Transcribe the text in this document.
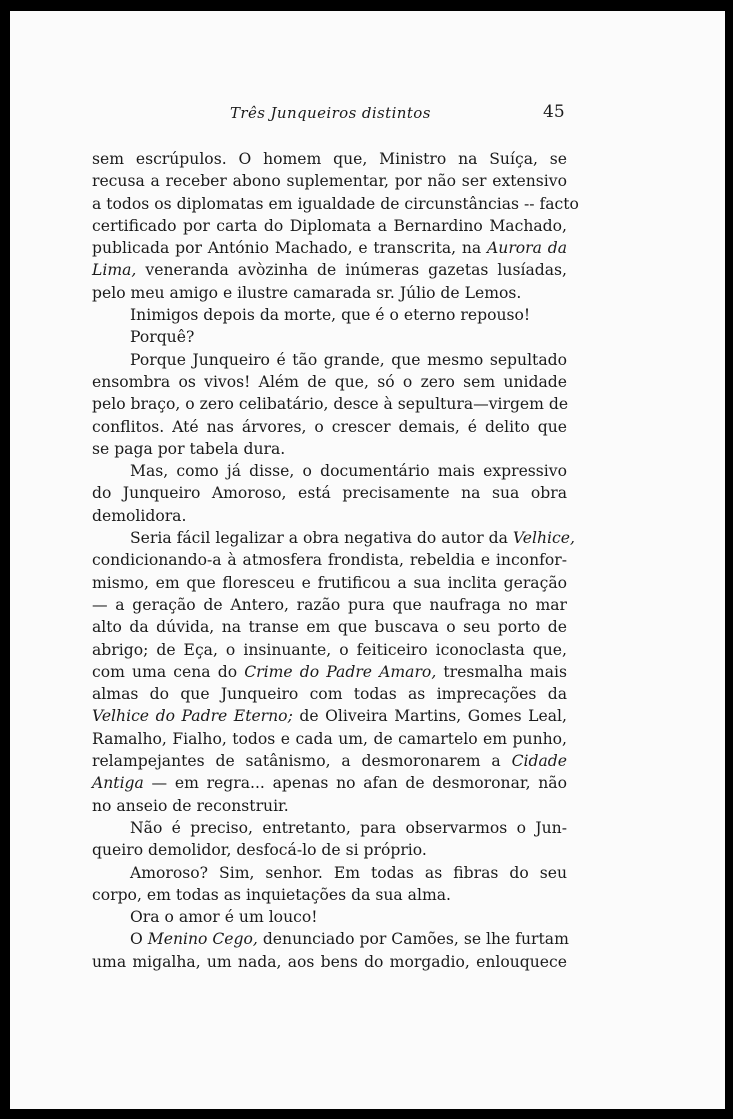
Três Junqueiros distintos	45
sem escrúpulos. O homem que, Ministro na Suíça, se
recusa a receber abono suplementar, por não ser extensivo
a todos os diplomatas em igualdade de circunstâncias -- facto
certificado por carta do Diplomata a Bernardino Machado,
publicada por António Machado, e transcrita, na Aurora da
Lima, veneranda avòzinha de inúmeras gazetas lusíadas,
pelo meu amigo e ilustre camarada sr. Júlio de Lemos.
Inimigos depois da morte, que é o eterno repouso!
Porquê?
Porque Junqueiro é tão grande, que mesmo sepultado
ensombra os vivos! Além de que, só o zero sem unidade
pelo braço, o zero celibatário, desce à sepultura—virgem de
conflitos. Até nas árvores, o crescer demais, é delito que
se paga por tabela dura.
Mas, como já disse, o documentário mais expressivo
do Junqueiro Amoroso, está precisamente na sua obra
demolidora.
Seria fácil legalizar a obra negativa do autor da Velhice,
condicionando-a à atmosfera frondista, rebeldia e inconfor-
mismo, em que floresceu e frutificou a sua inclita geração
— a geração de Antero, razão pura que naufraga no mar
alto da dúvida, na transe em que buscava o seu porto de
abrigo; de Eça, o insinuante, o feiticeiro iconoclasta que,
com uma cena do Crime do Padre Amaro, tresmalha mais
almas do que Junqueiro com todas as imprecações da
Velhice do Padre Eterno; de Oliveira Martins, Gomes Leal,
Ramalho, Fialho, todos e cada um, de camartelo em punho,
relampejantes de satânismo, a desmoronarem a Cidade
Antiga — em regra... apenas no afan de desmoronar, não
no anseio de reconstruir.
Não é preciso, entretanto, para observarmos o Jun-
queiro demolidor, desfocá-lo de si próprio.
Amoroso? Sim, senhor. Em todas as fibras do seu
corpo, em todas as inquietações da sua alma.
Ora o amor é um louco!
O Menino Cego, denunciado por Camões, se lhe furtam
uma migalha, um nada, aos bens do morgadio, enlouquece
